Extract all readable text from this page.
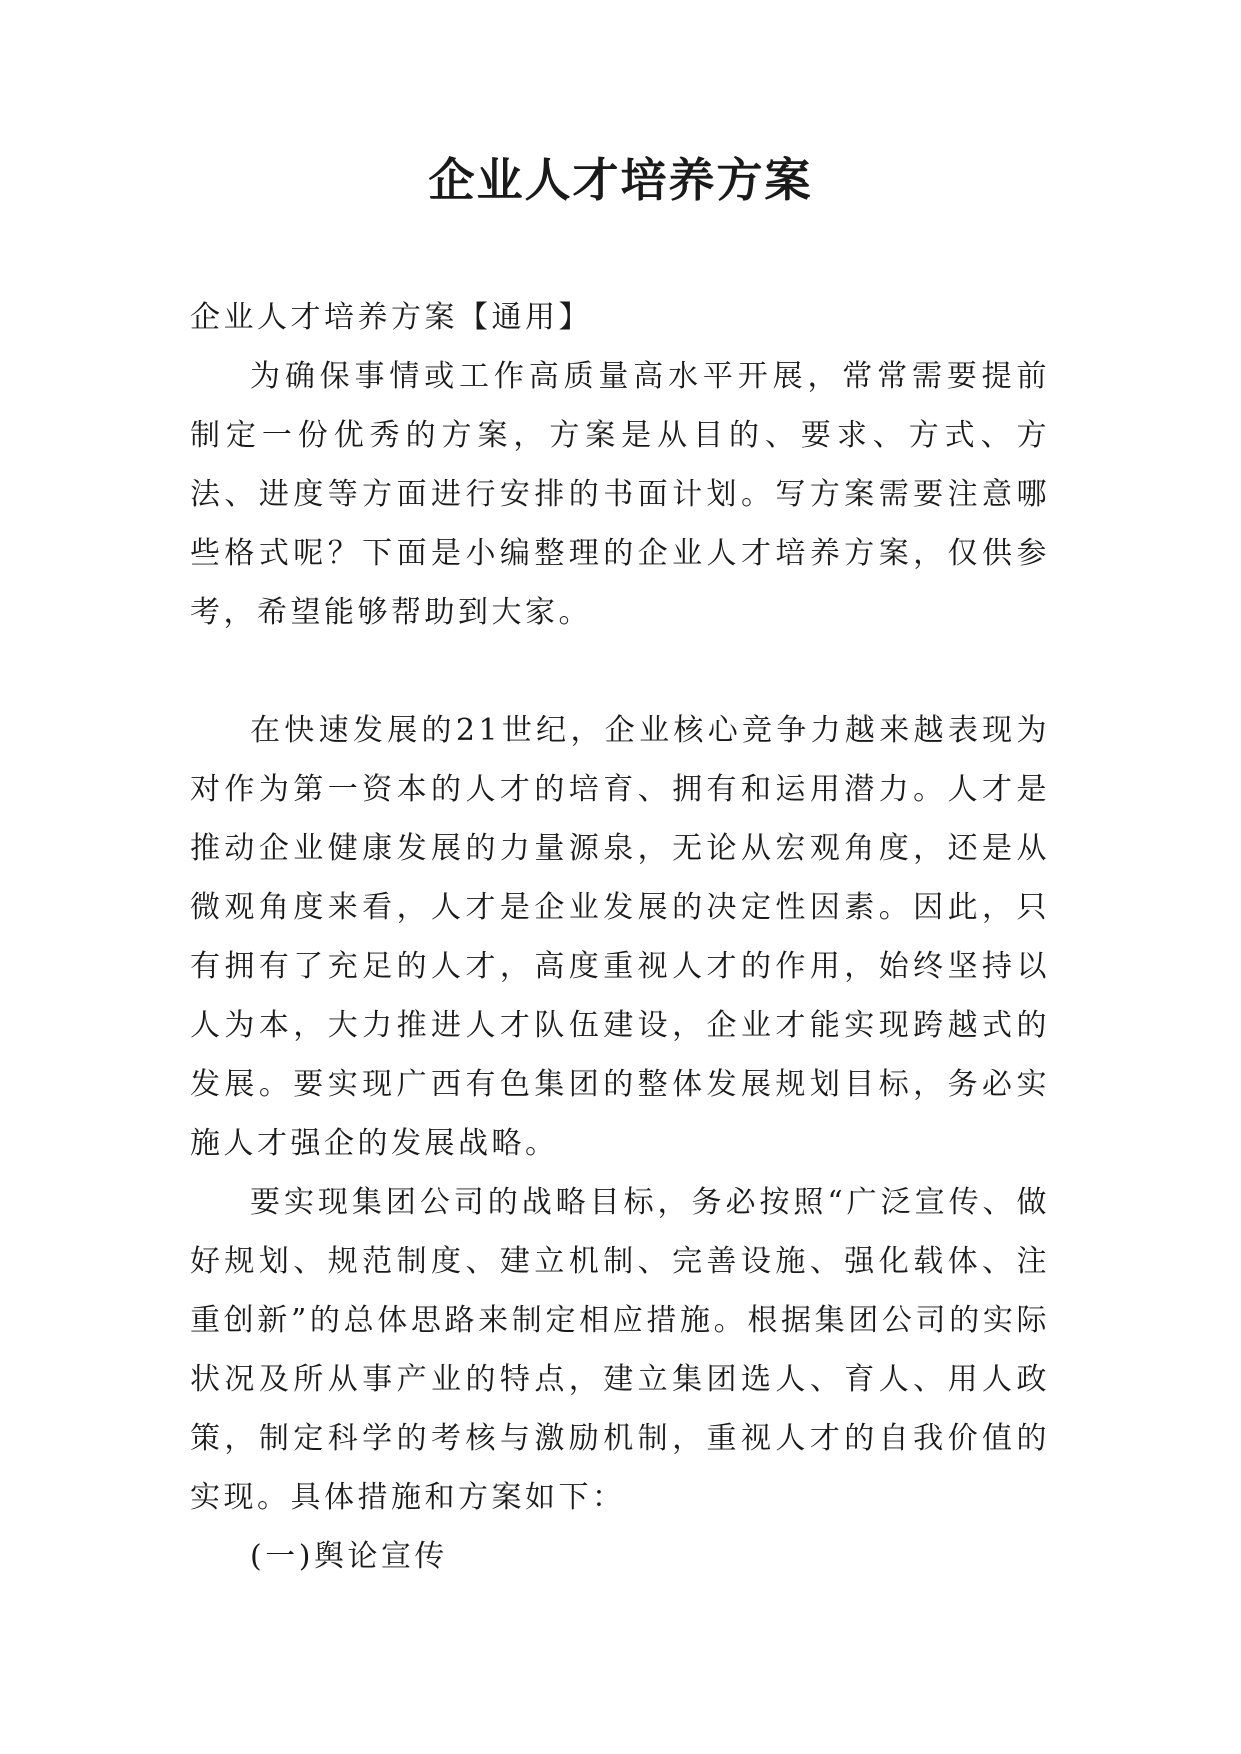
企业人才培养方案

企业人才培养方案【通用】

为确保事情或工作高质量高水平开展，常常需要提前制定一份优秀的方案，方案是从目的、要求、方式、方法、进度等方面进行安排的书面计划。写方案需要注意哪些格式呢？下面是小编整理的企业人才培养方案，仅供参考，希望能够帮助到大家。

在快速发展的21世纪，企业核心竞争力越来越表现为对作为第一资本的人才的培育、拥有和运用潜力。人才是推动企业健康发展的力量源泉，无论从宏观角度，还是从微观角度来看，人才是企业发展的决定性因素。因此，只有拥有了充足的人才，高度重视人才的作用，始终坚持以人为本，大力推进人才队伍建设，企业才能实现跨越式的发展。要实现广西有色集团的整体发展规划目标，务必实施人才强企的发展战略。

要实现集团公司的战略目标，务必按照“广泛宣传、做好规划、规范制度、建立机制、完善设施、强化载体、注重创新”的总体思路来制定相应措施。根据集团公司的实际状况及所从事产业的特点，建立集团选人、育人、用人政策，制定科学的考核与激励机制，重视人才的自我价值的实现。具体措施和方案如下：

(一)舆论宣传
